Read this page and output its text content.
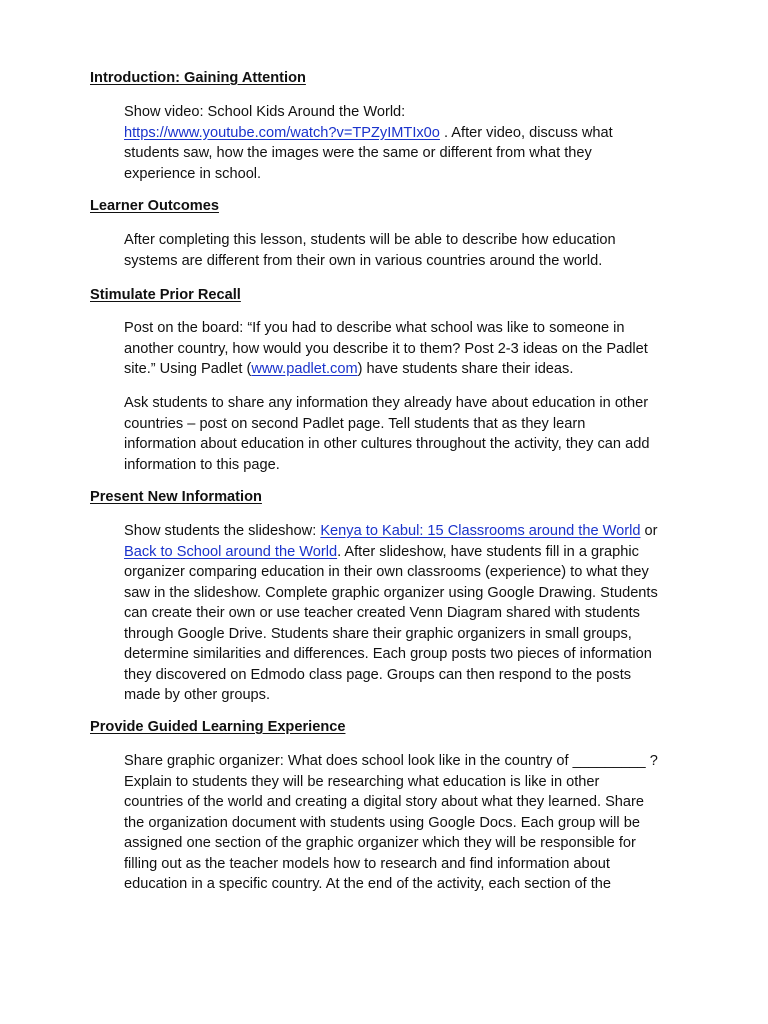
Introduction: Gaining Attention
Show video: School Kids Around the World:
https://www.youtube.com/watch?v=TPZyIMTIx0o . After video, discuss what
students saw, how the images were the same or different from what they
experience in school.
Learner Outcomes
After completing this lesson, students will be able to describe how education
systems are different from their own in various countries around the world.
Stimulate Prior Recall
Post on the board: “If you had to describe what school was like to someone in
another country, how would you describe it to them? Post 2-3 ideas on the Padlet
site.” Using Padlet (www.padlet.com) have students share their ideas.
Ask students to share any information they already have about education in other
countries – post on second Padlet page. Tell students that as they learn
information about education in other cultures throughout the activity, they can add
information to this page.
Present New Information
Show students the slideshow: Kenya to Kabul: 15 Classrooms around the World or
Back to School around the World. After slideshow, have students fill in a graphic
organizer comparing education in their own classrooms (experience) to what they
saw in the slideshow. Complete graphic organizer using Google Drawing. Students
can create their own or use teacher created Venn Diagram shared with students
through Google Drive. Students share their graphic organizers in small groups,
determine similarities and differences. Each group posts two pieces of information
they discovered on Edmodo class page. Groups can then respond to the posts
made by other groups.
Provide Guided Learning Experience
Share graphic organizer: What does school look like in the country of _________ ?
Explain to students they will be researching what education is like in other
countries of the world and creating a digital story about what they learned. Share
the organization document with students using Google Docs. Each group will be
assigned one section of the graphic organizer which they will be responsible for
filling out as the teacher models how to research and find information about
education in a specific country. At the end of the activity, each section of the
